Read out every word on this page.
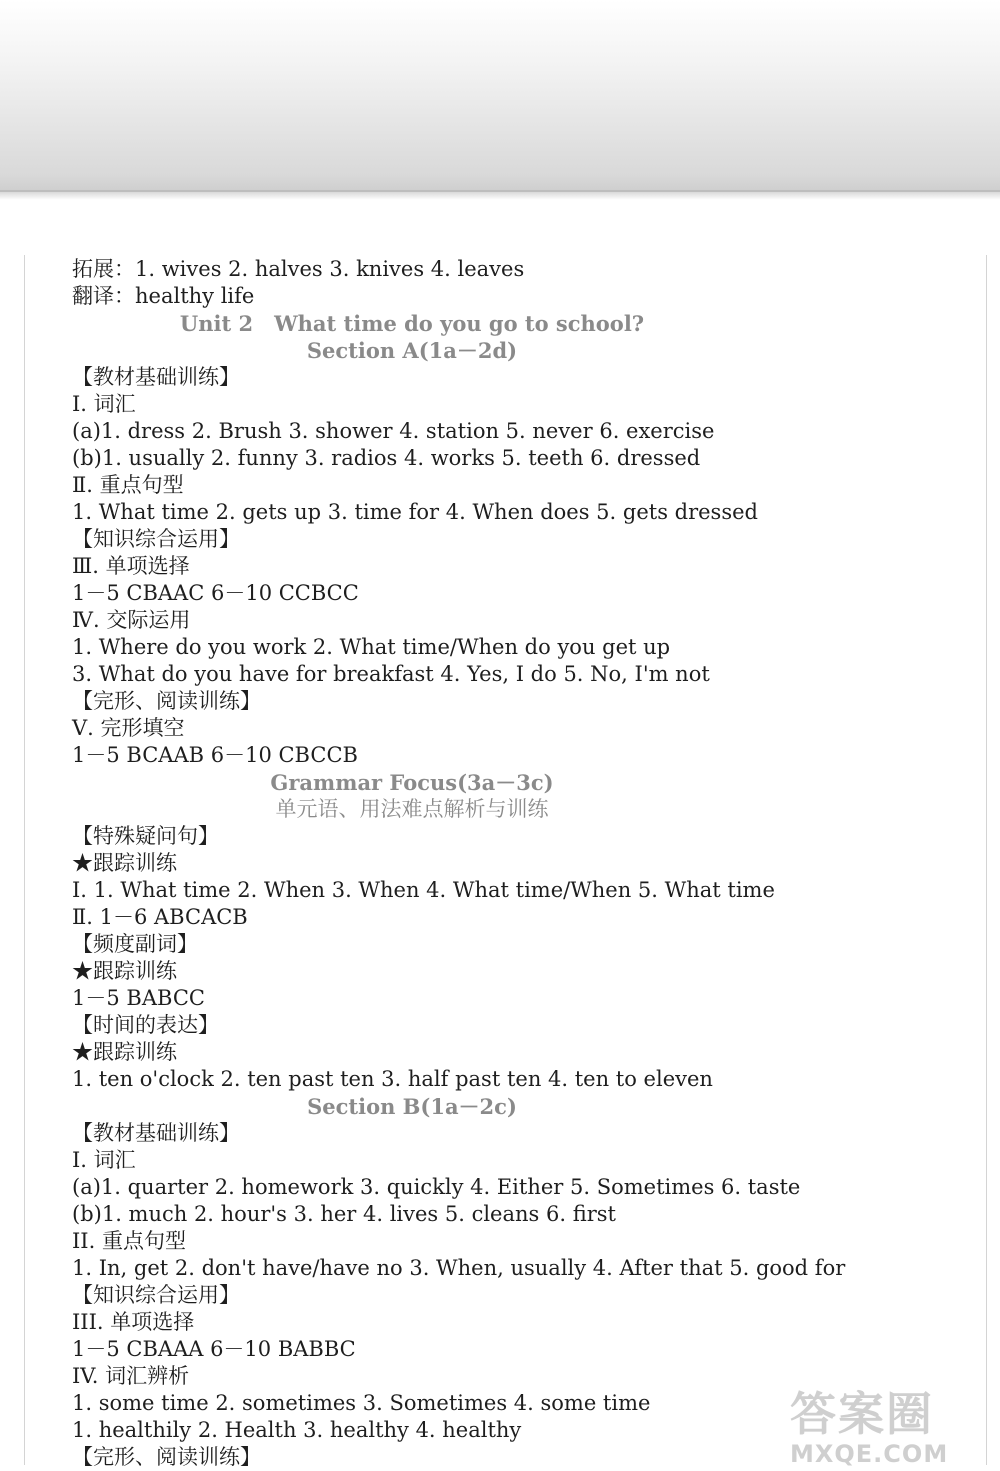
拓展：1. wives 2. halves 3. knives 4. leaves
翻译：healthy life
Unit 2　What time do you go to school?
Section A(1a－2d)
【教材基础训练】
Ⅰ. 词汇
(a)1. dress 2. Brush 3. shower 4. station 5. never 6. exercise
(b)1. usually 2. funny 3. radios 4. works 5. teeth 6. dressed
Ⅱ. 重点句型
1. What time 2. gets up 3. time for 4. When does 5. gets dressed
【知识综合运用】
Ⅲ. 单项选择
1－5 CBAAC 6－10 CCBCC
Ⅳ. 交际运用
1. Where do you work 2. What time/When do you get up
3. What do you have for breakfast 4. Yes, I do 5. No, I'm not
【完形、阅读训练】
Ⅴ. 完形填空
1－5 BCAAB 6－10 CBCCB
Grammar Focus(3a－3c)
单元语、用法难点解析与训练
【特殊疑问句】
★跟踪训练
Ⅰ. 1. What time 2. When 3. When 4. What time/When 5. What time
Ⅱ. 1－6 ABCACB
【频度副词】
★跟踪训练
1－5 BABCC
【时间的表达】
★跟踪训练
1. ten o'clock 2. ten past ten 3. half past ten 4. ten to eleven
Section B(1a－2c)
【教材基础训练】
Ⅰ. 词汇
(a)1. quarter 2. homework 3. quickly 4. Either 5. Sometimes 6. taste
(b)1. much 2. hour's 3. her 4. lives 5. cleans 6. first
II. 重点句型
1. In, get 2. don't have/have no 3. When, usually 4. After that 5. good for
【知识综合运用】
III. 单项选择
1－5 CBAAA 6－10 BABBC
IV. 词汇辨析
1. some time 2. sometimes 3. Sometimes 4. some time
1. healthily 2. Health 3. healthy 4. healthy
【完形、阅读训练】
答案圈
MXQE.COM
